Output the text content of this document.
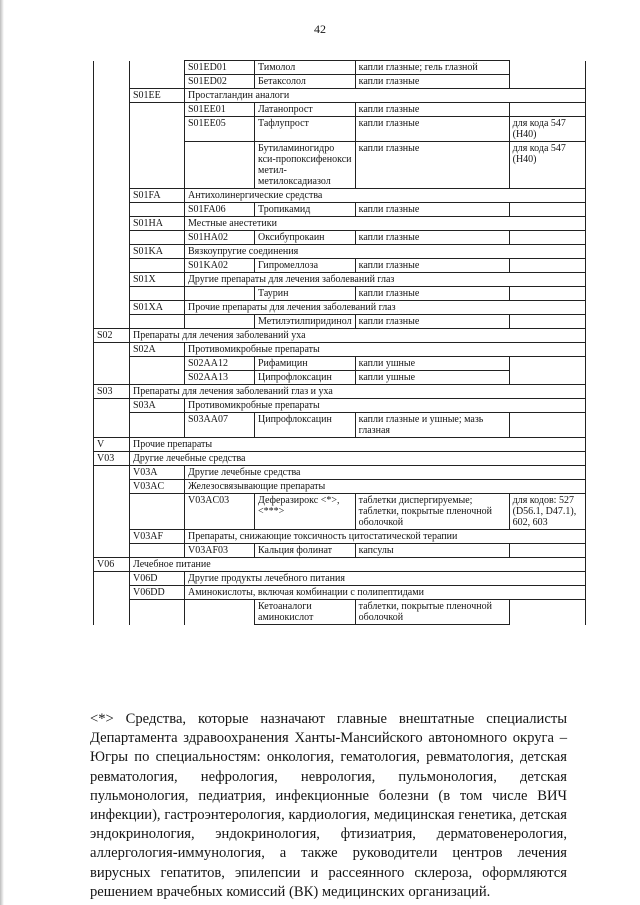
42
		S01ED01	Тимолол	капли глазные; гель глазной	
		S01ED02	Бетаксолол	капли глазные	
	S01EE	Простагландин аналоги			
		S01EE01	Латанопрост	капли глазные	
		S01EE05	Тафлупрост	капли глазные	для кода 547 (H40)
			Бутиламиногидро кси-пропоксифенокси метил-метилоксадиазол	капли глазные	для кода 547 (H40)
	S01FA	Антихолинергические средства			
		S01FA06	Тропикамид	капли глазные	
	S01HA	Местные анестетики			
		S01HA02	Оксибупрокаин	капли глазные	
	S01KA	Вязкоупругие соединения			
		S01KA02	Гипромеллоза	капли глазные	
	S01X	Другие препараты для лечения заболеваний глаз			
			Таурин	капли глазные	
	S01XA	Прочие препараты для лечения заболеваний глаз			
			Метилэтилпиридинол	капли глазные	
S02	Препараты для лечения заболеваний уха				
	S02A	Противомикробные препараты			
		S02AA12	Рифамицин	капли ушные	
		S02AA13	Ципрофлоксацин	капли ушные	
S03	Препараты для лечения заболеваний глаз и уха				
	S03A	Противомикробные препараты			
		S03AA07	Ципрофлоксацин	капли глазные и ушные; мазь глазная	
V	Прочие препараты				
V03	Другие лечебные средства				
	V03A	Другие лечебные средства			
	V03AC	Железосвязывающие препараты			
		V03AC03	Деферазирокс <*>, <***>	таблетки диспергируемые; таблетки, покрытые пленочной оболочкой	для кодов: 527 (D56.1, D47.1), 602, 603
	V03AF	Препараты, снижающие токсичность цитостатической терапии			
		V03AF03	Кальция фолинат	капсулы	
V06	Лечебное питание				
	V06D	Другие продукты лечебного питания			
	V06DD	Аминокислоты, включая комбинации с полипептидами			
			Кетоаналоги аминокислот	таблетки, покрытые пленочной оболочкой	
<*> Средства, которые назначают главные внештатные специалисты Департамента здравоохранения Ханты-Мансийского автономного округа – Югры по специальностям: онкология, гематология, ревматология, детская ревматология, нефрология, неврология, пульмонология, детская пульмонология, педиатрия, инфекционные болезни (в том числе ВИЧ инфекции), гастроэнтерология, кардиология, медицинская генетика, детская эндокринология, эндокринология, фтизиатрия, дерматовенерология, аллергология-иммунология, а также руководители центров лечения вирусных гепатитов, эпилепсии и рассеянного склероза, оформляются решением врачебных комиссий (ВК) медицинских организаций.
